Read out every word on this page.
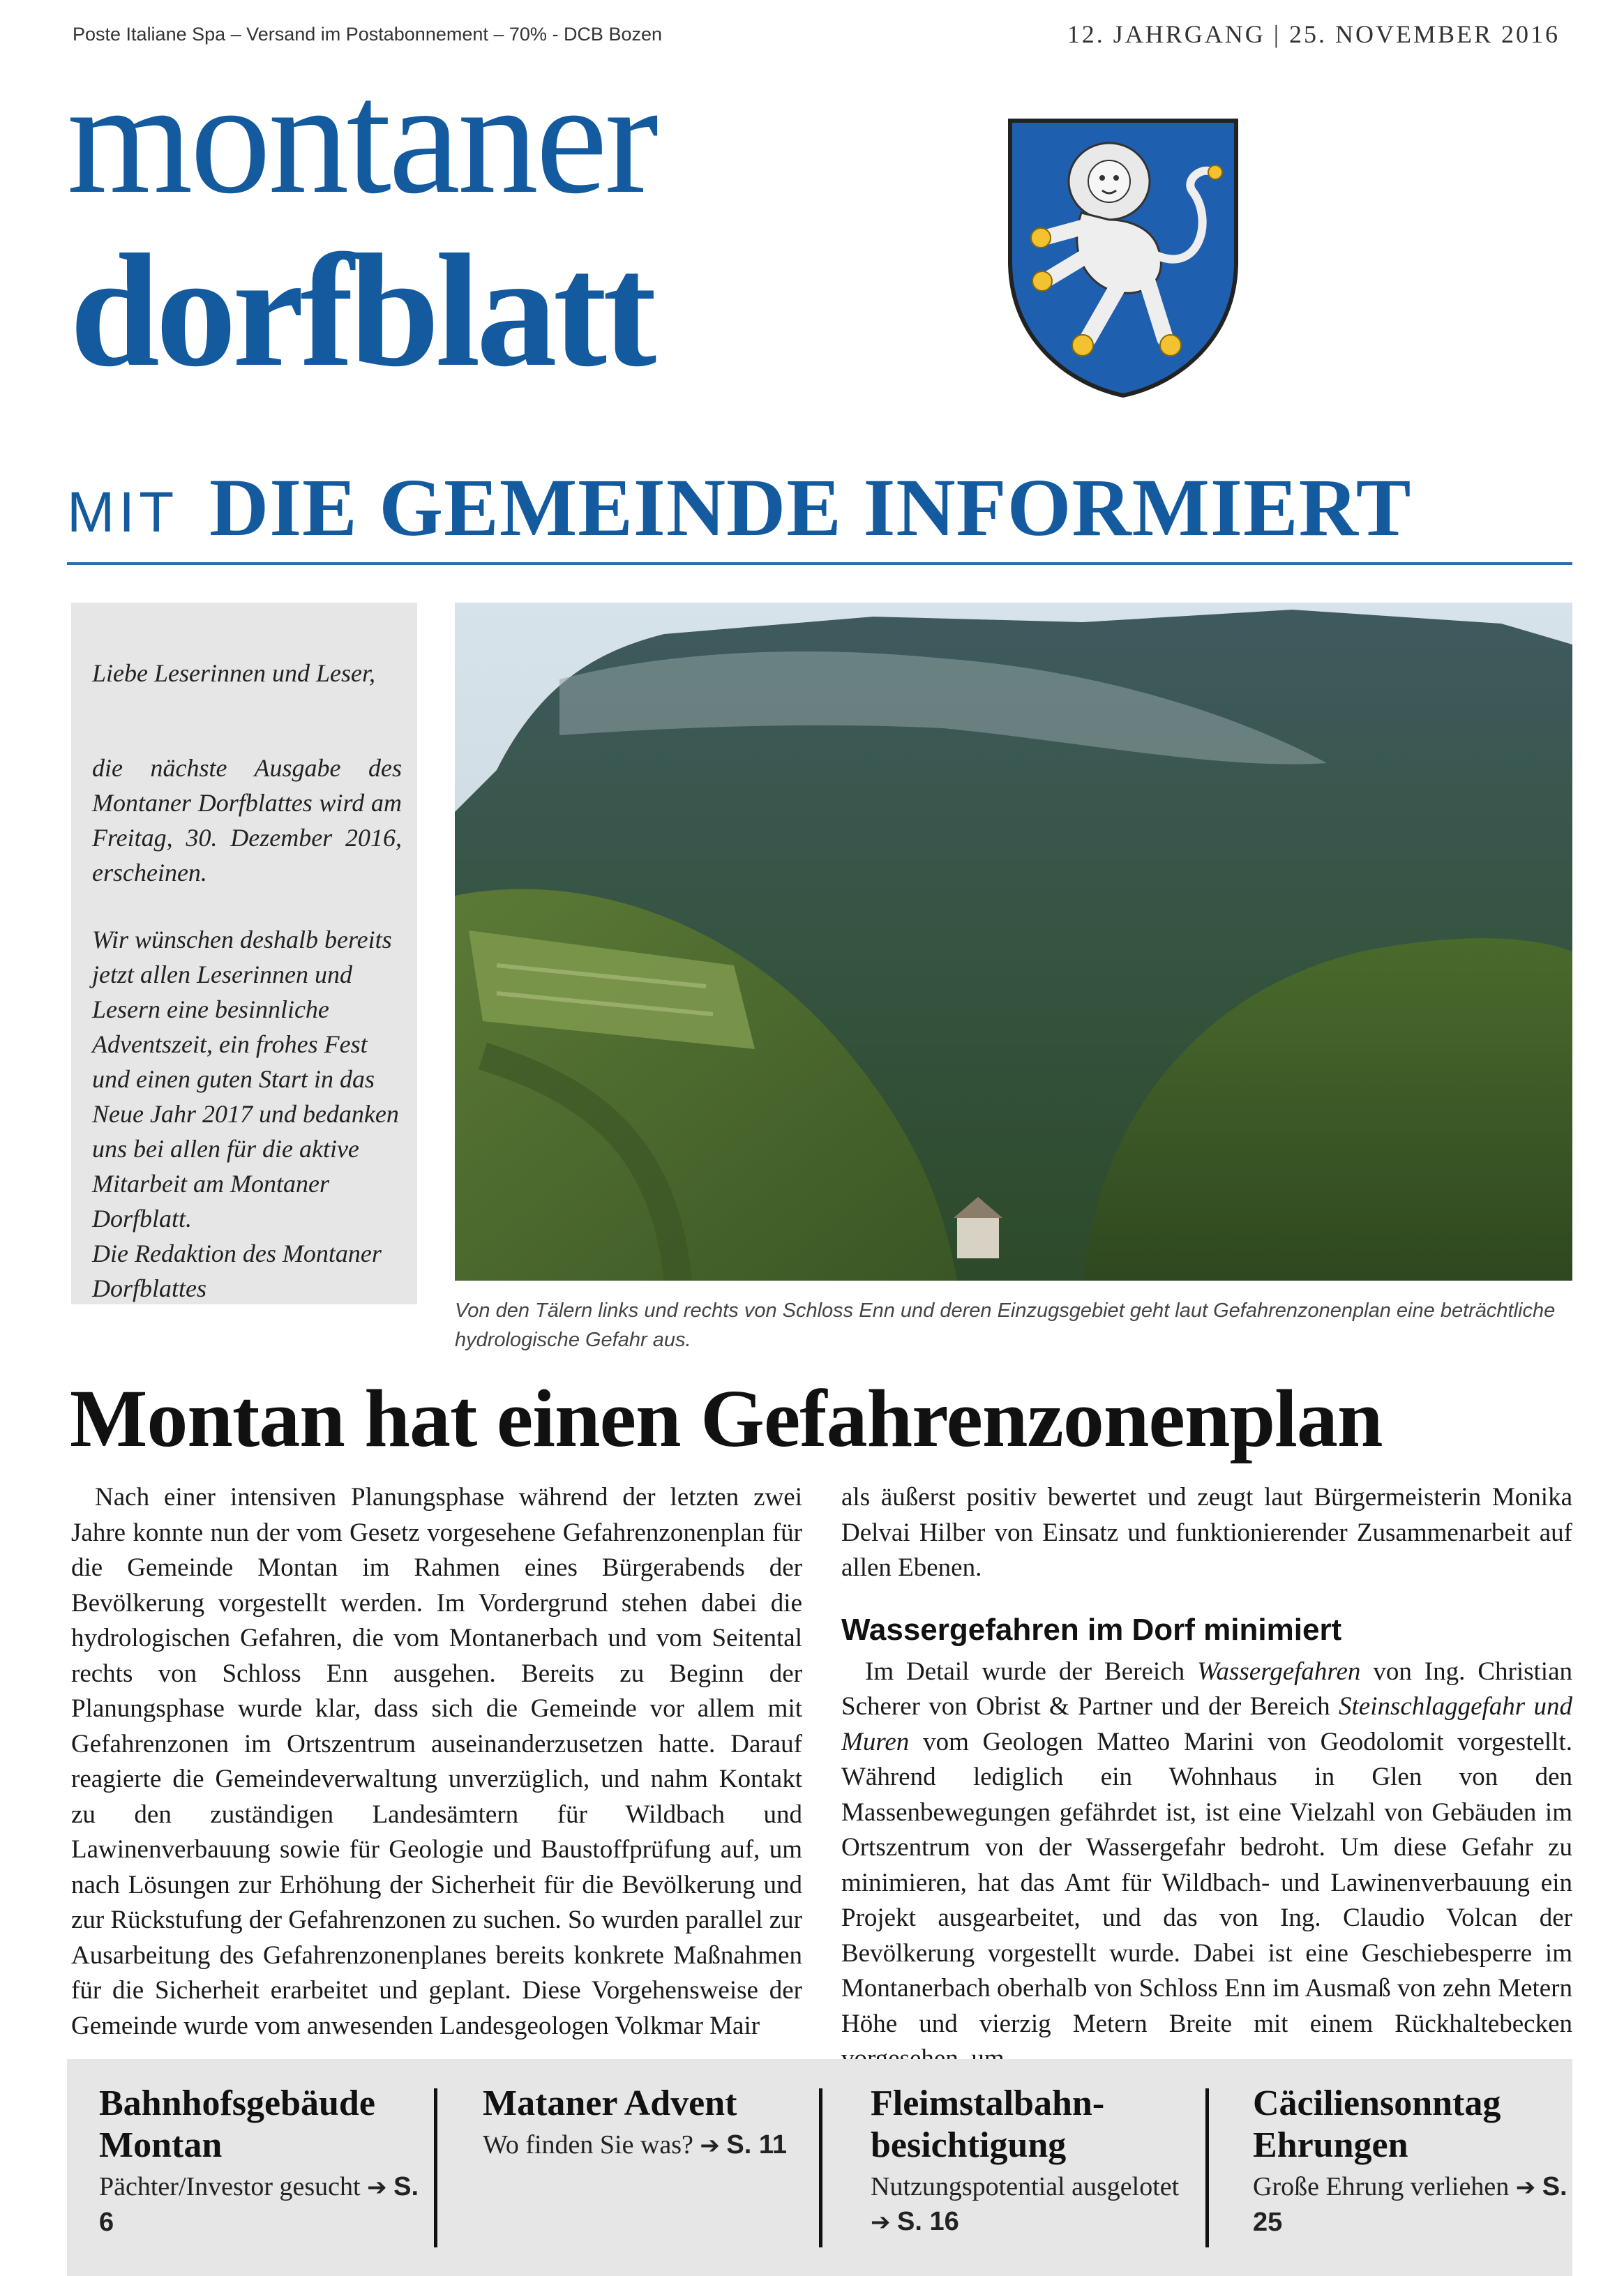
Poste Italiane Spa – Versand im Postabonnement – 70% - DCB Bozen	12. JAHRGANG | 25. NOVEMBER 2016
montaner
dorfblatt
MIT DIE GEMEINDE INFORMIERT
Liebe Leserinnen und Leser,
die nächste Ausgabe des Montaner Dorfblattes wird am Freitag, 30. Dezember 2016, erscheinen.
Wir wünschen deshalb bereits jetzt allen Leserinnen und Lesern eine besinnliche Adventszeit, ein frohes Fest und einen guten Start in das Neue Jahr 2017 und bedanken uns bei allen für die aktive Mitarbeit am Montaner Dorfblatt.
Die Redaktion des Montaner Dorfblattes
Von den Tälern links und rechts von Schloss Enn und deren Einzugsgebiet geht laut Gefahrenzonenplan eine beträchtliche hydrologische Gefahr aus.
Montan hat einen Gefahrenzonenplan
Nach einer intensiven Planungsphase während der letzten zwei Jahre konnte nun der vom Gesetz vorgesehene Gefahrenzonenplan für die Gemeinde Montan im Rahmen eines Bürgerabends der Bevölkerung vorgestellt werden. Im Vordergrund stehen dabei die hydrologischen Gefahren, die vom Montanerbach und vom Seitental rechts von Schloss Enn ausgehen. Bereits zu Beginn der Planungsphase wurde klar, dass sich die Gemeinde vor allem mit Gefahrenzonen im Ortszentrum auseinanderzusetzen hatte. Darauf reagierte die Gemeindeverwaltung unverzüglich, und nahm Kontakt zu den zuständigen Landesämtern für Wildbach und Lawinenverbauung sowie für Geologie und Baustoffprüfung auf, um nach Lösungen zur Erhöhung der Sicherheit für die Bevölkerung und zur Rückstufung der Gefahrenzonen zu suchen. So wurden parallel zur Ausarbeitung des Gefahrenzonenplanes bereits konkrete Maßnahmen für die Sicherheit erarbeitet und geplant. Diese Vorgehensweise der Gemeinde wurde vom anwesenden Landesgeologen Volkmar Mair

als äußerst positiv bewertet und zeugt laut Bürgermeisterin Monika Delvai Hilber von Einsatz und funktionierender Zusammenarbeit auf allen Ebenen.

Wassergefahren im Dorf minimiert

Im Detail wurde der Bereich Wassergefahren von Ing. Christian Scherer von Obrist & Partner und der Bereich Steinschlaggefahr und Muren vom Geologen Matteo Marini von Geodolomit vorgestellt. Während lediglich ein Wohnhaus in Glen von den Massenbewegungen gefährdet ist, ist eine Vielzahl von Gebäuden im Ortszentrum von der Wassergefahr bedroht. Um diese Gefahr zu minimieren, hat das Amt für Wildbach- und Lawinenverbauung ein Projekt ausgearbeitet, und das von Ing. Claudio Volcan der Bevölkerung vorgestellt wurde. Dabei ist eine Geschiebesperre im Montanerbach oberhalb von Schloss Enn im Ausmaß von zehn Metern Höhe und vierzig Metern Breite mit einem Rückhaltebecken

Bahnhofsgebäude Montan
Pächter/Investor gesucht ➔ S. 6
Mataner Advent
Wo finden Sie was? ➔ S. 11
Fleimstalbahn-besichtigung
Nutzungspotential ausgelotet ➔ S. 16
Cäciliensonntag Ehrungen
Große Ehrung verliehen ➔ S. 25
